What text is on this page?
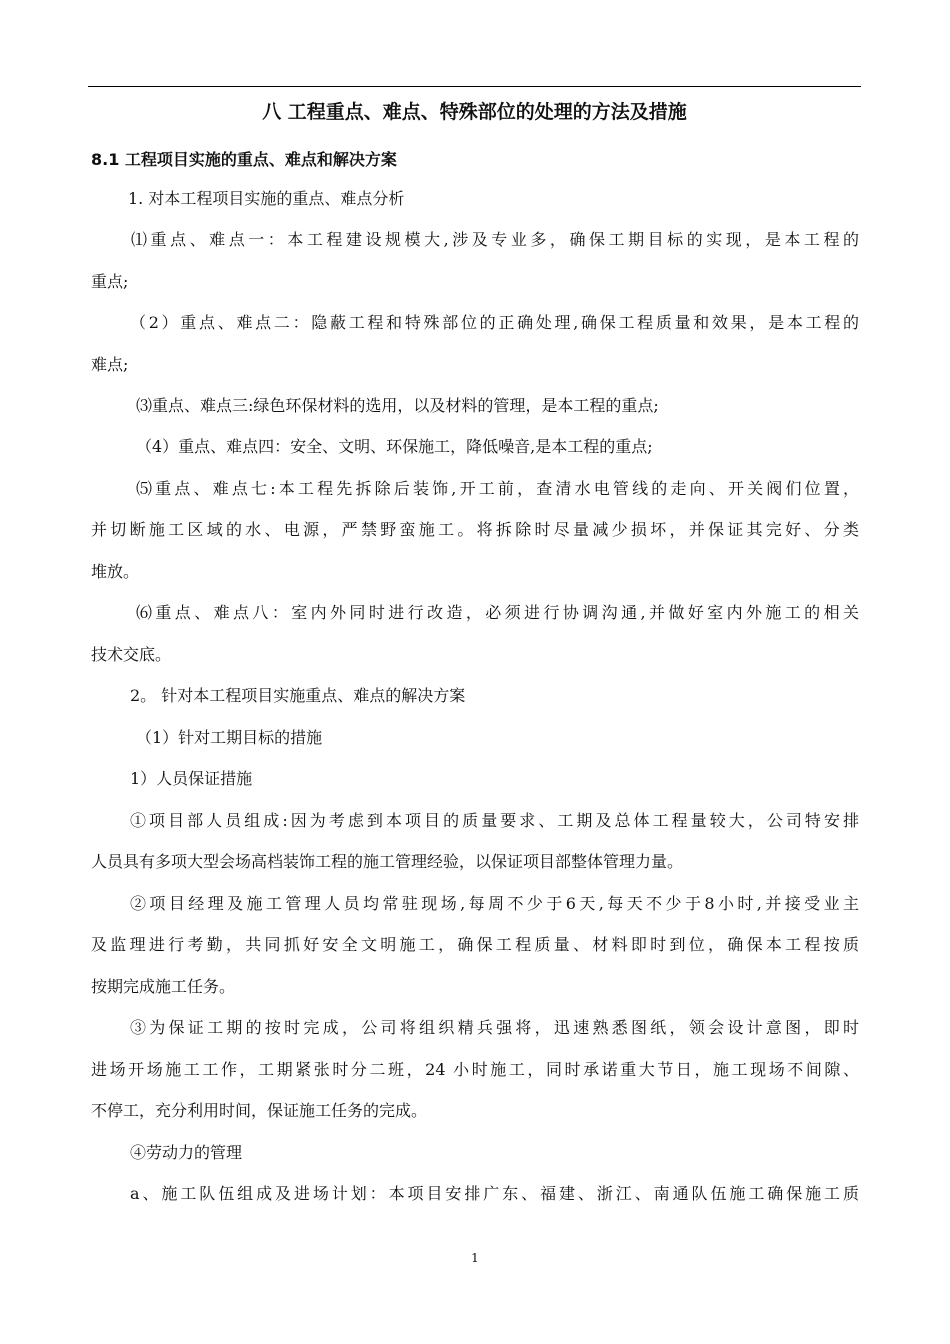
八 工程重点、难点、特殊部位的处理的方法及措施
8.1 工程项目实施的重点、难点和解决方案
1. 对本工程项目实施的重点、难点分析
⑴重点、难点一：本工程建设规模大,涉及专业多，确保工期目标的实现，是本工程的
重点;
（2）重点、难点二：隐蔽工程和特殊部位的正确处理,确保工程质量和效果，是本工程的
难点;
⑶重点、难点三:绿色环保材料的选用，以及材料的管理，是本工程的重点;
（4）重点、难点四：安全、文明、环保施工，降低噪音,是本工程的重点;
⑸重点、难点七:本工程先拆除后装饰,开工前，查清水电管线的走向、开关阀们位置，
并切断施工区域的水、电源，严禁野蛮施工。将拆除时尽量减少损坏，并保证其完好、分类
堆放。
⑹重点、难点八：室内外同时进行改造，必须进行协调沟通,并做好室内外施工的相关
技术交底。
2。 针对本工程项目实施重点、难点的解决方案
（1）针对工期目标的措施
1）人员保证措施
①项目部人员组成:因为考虑到本项目的质量要求、工期及总体工程量较大，公司特安排
人员具有多项大型会场高档装饰工程的施工管理经验，以保证项目部整体管理力量。
②项目经理及施工管理人员均常驻现场,每周不少于6天,每天不少于8小时,并接受业主
及监理进行考勤，共同抓好安全文明施工，确保工程质量、材料即时到位，确保本工程按质
按期完成施工任务。
③为保证工期的按时完成，公司将组织精兵强将，迅速熟悉图纸，领会设计意图，即时
进场开场施工工作，工期紧张时分二班，24 小时施工，同时承诺重大节日，施工现场不间隙、
不停工，充分利用时间，保证施工任务的完成。
④劳动力的管理
a、施工队伍组成及进场计划：本项目安排广东、福建、浙江、南通队伍施工确保施工质
1
